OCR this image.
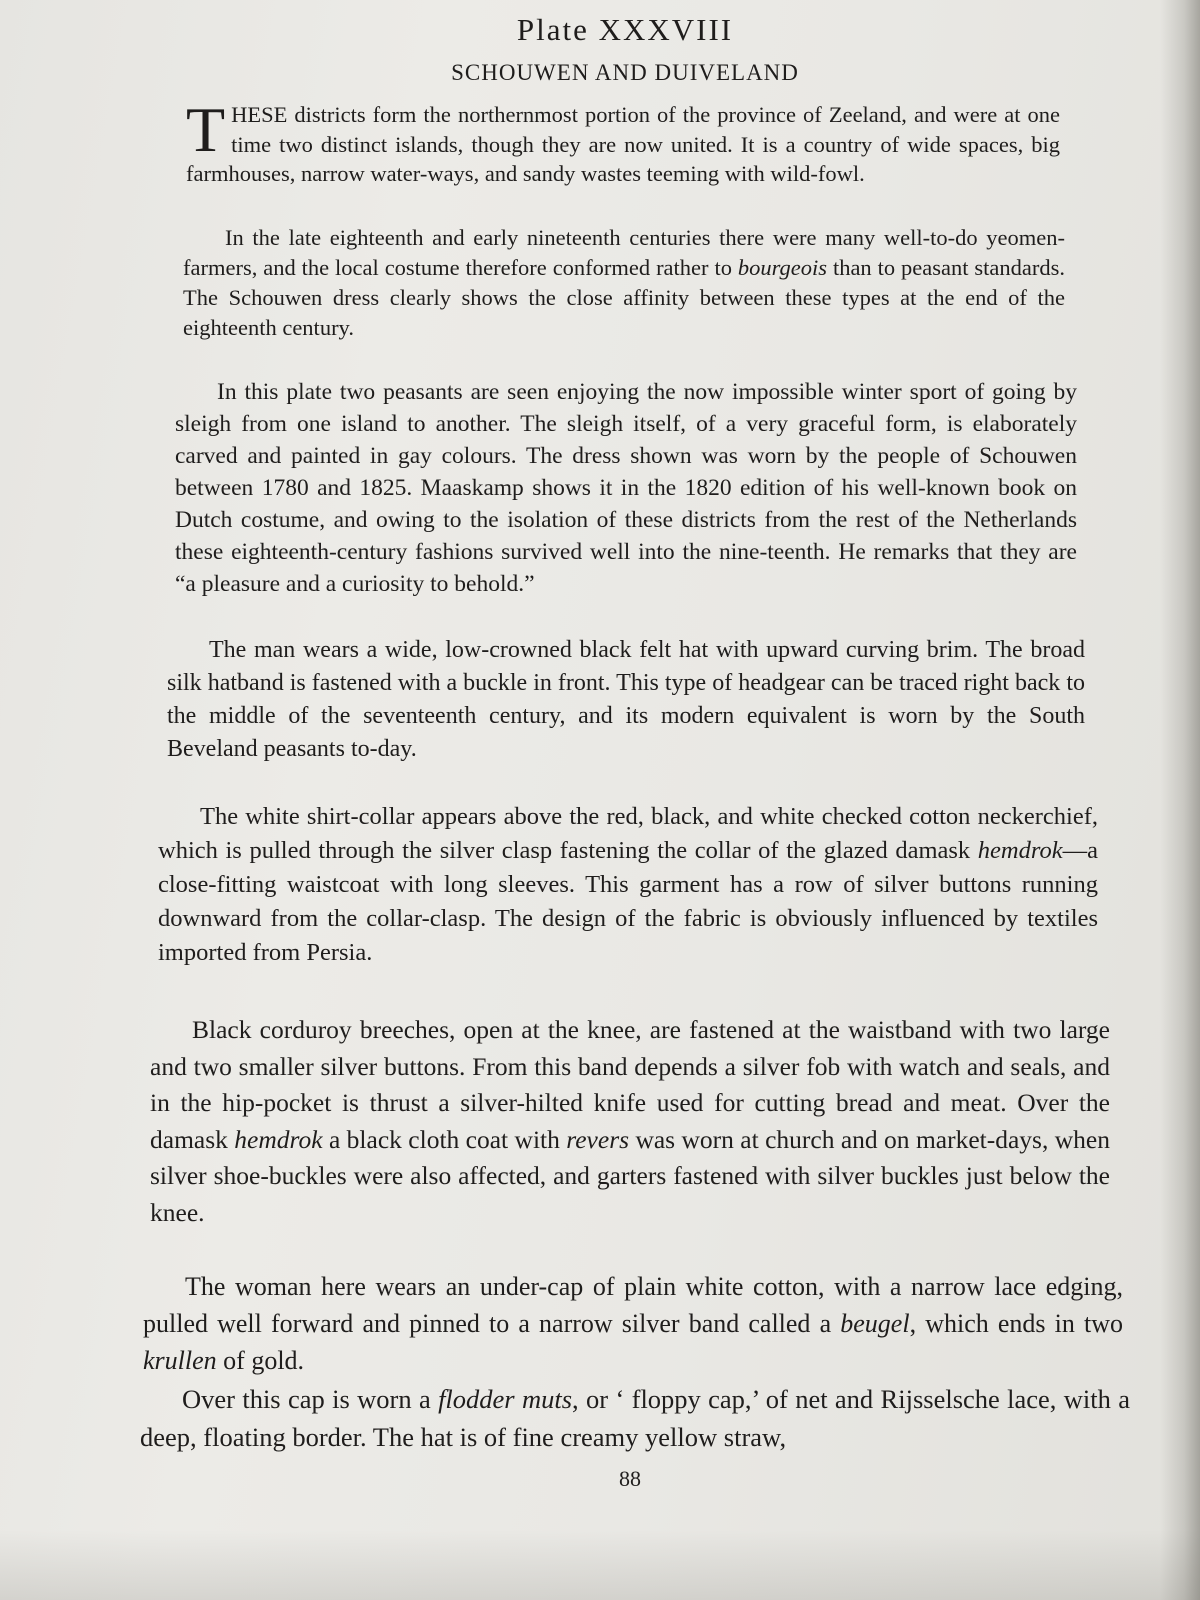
Plate XXXVIII
SCHOUWEN AND DUIVELAND

THESE districts form the northernmost portion of the province of Zeeland, and were at one time two distinct islands, though they are now united. It is a country of wide spaces, big farmhouses, narrow water-ways, and sandy wastes teeming with wild-fowl.

In the late eighteenth and early nineteenth centuries there were many well-to-do yeomen-farmers, and the local costume therefore conformed rather to bourgeois than to peasant standards. The Schouwen dress clearly shows the close affinity between these types at the end of the eighteenth century.

In this plate two peasants are seen enjoying the now impossible winter sport of going by sleigh from one island to another. The sleigh itself, of a very graceful form, is elaborately carved and painted in gay colours. The dress shown was worn by the people of Schouwen between 1780 and 1825. Maaskamp shows it in the 1820 edition of his well-known book on Dutch costume, and owing to the isolation of these districts from the rest of the Netherlands these eighteenth-century fashions survived well into the nine-teenth. He remarks that they are “a pleasure and a curiosity to behold.”

The man wears a wide, low-crowned black felt hat with upward curving brim. The broad silk hatband is fastened with a buckle in front. This type of headgear can be traced right back to the middle of the seventeenth century, and its modern equivalent is worn by the South Beveland peasants to-day.

The white shirt-collar appears above the red, black, and white checked cotton neckerchief, which is pulled through the silver clasp fastening the collar of the glazed damask hemdrok—a close-fitting waistcoat with long sleeves. This garment has a row of silver buttons running downward from the collar-clasp. The design of the fabric is obviously influenced by textiles imported from Persia.

Black corduroy breeches, open at the knee, are fastened at the waistband with two large and two smaller silver buttons. From this band depends a silver fob with watch and seals, and in the hip-pocket is thrust a silver-hilted knife used for cutting bread and meat. Over the damask hemdrok a black cloth coat with revers was worn at church and on market-days, when silver shoe-buckles were also affected, and garters fastened with silver buckles just below the knee.

The woman here wears an under-cap of plain white cotton, with a narrow lace edging, pulled well forward and pinned to a narrow silver band called a beugel, which ends in two krullen of gold.

Over this cap is worn a flodder muts, or ‘ floppy cap,’ of net and Rijsselsche lace, with a deep, floating border. The hat is of fine creamy yellow straw,

88
